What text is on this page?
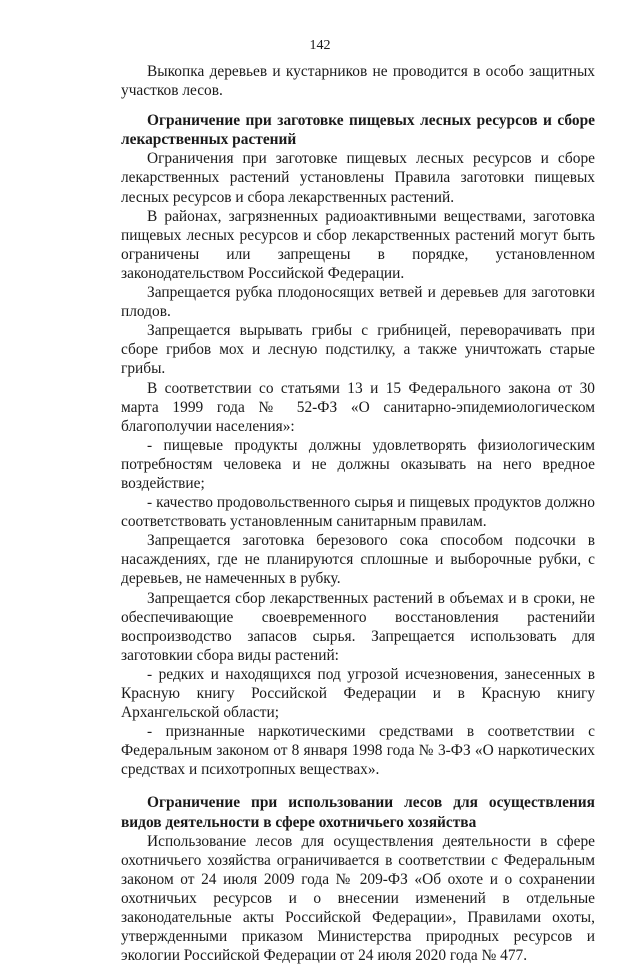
142

Выкопка деревьев и кустарников не проводится в особо защитных участков лесов.

Ограничение при заготовке пищевых лесных ресурсов и сборе лекарственных растений

Ограничения при заготовке пищевых лесных ресурсов и сборе лекарственных растений установлены Правила заготовки пищевых лесных ресурсов и сбора лекарственных растений.

В районах, загрязненных радиоактивными веществами, заготовка пищевых лесных ресурсов и сбор лекарственных растений могут быть ограничены или запрещены в порядке, установленном законодательством Российской Федерации.

Запрещается рубка плодоносящих ветвей и деревьев для заготовки плодов.

Запрещается вырывать грибы с грибницей, переворачивать при сборе грибов мох и лесную подстилку, а также уничтожать старые грибы.

В соответствии со статьями 13 и 15 Федерального закона от 30 марта 1999 года № 52-ФЗ «О санитарно-эпидемиологическом благополучии населения»:

- пищевые продукты должны удовлетворять физиологическим потребностям человека и не должны оказывать на него вредное воздействие;

- качество продовольственного сырья и пищевых продуктов должно соответствовать установленным санитарным правилам.

Запрещается заготовка березового сока способом подсочки в насаждениях, где не планируются сплошные и выборочные рубки, с деревьев, не намеченных в рубку.

Запрещается сбор лекарственных растений в объемах и в сроки, не обеспечивающие своевременного восстановления растенийи воспроизводство запасов сырья. Запрещается использовать для заготовкии сбора виды растений:

- редких и находящихся под угрозой исчезновения, занесенных в Красную книгу Российской Федерации и в Красную книгу Архангельской области;

- признанные наркотическими средствами в соответствии с Федеральным законом от 8 января 1998 года № 3-ФЗ «О наркотических средствах и психотропных веществах».

Ограничение при использовании лесов для осуществления видов деятельности в сфере охотничьего хозяйства

Использование лесов для осуществления деятельности в сфере охотничьего хозяйства ограничивается в соответствии с Федеральным законом от 24 июля 2009 года № 209-ФЗ «Об охоте и о сохранении охотничьих ресурсов и о внесении изменений в отдельные законодательные акты Российской Федерации», Правилами охоты, утвержденными приказом Министерства природных ресурсов и экологии Российской Федерации от 24 июля 2020 года № 477.
